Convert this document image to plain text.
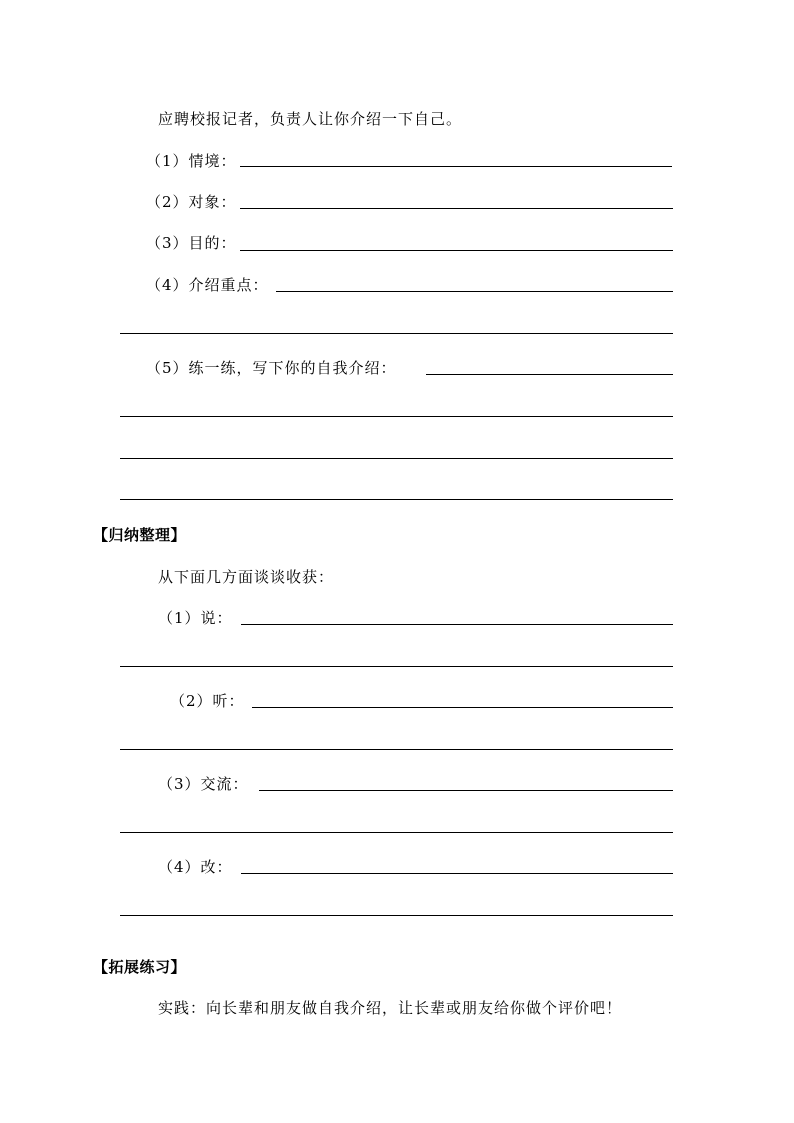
应聘校报记者，负责人让你介绍一下自己。
（1）情境：
（2）对象：
（3）目的：
（4）介绍重点：
（5）练一练，写下你的自我介绍：
【归纳整理】
从下面几方面谈谈收获：
（1）说：
（2）听：
（3）交流：
（4）改：
【拓展练习】
实践：向长辈和朋友做自我介绍，让长辈或朋友给你做个评价吧！
